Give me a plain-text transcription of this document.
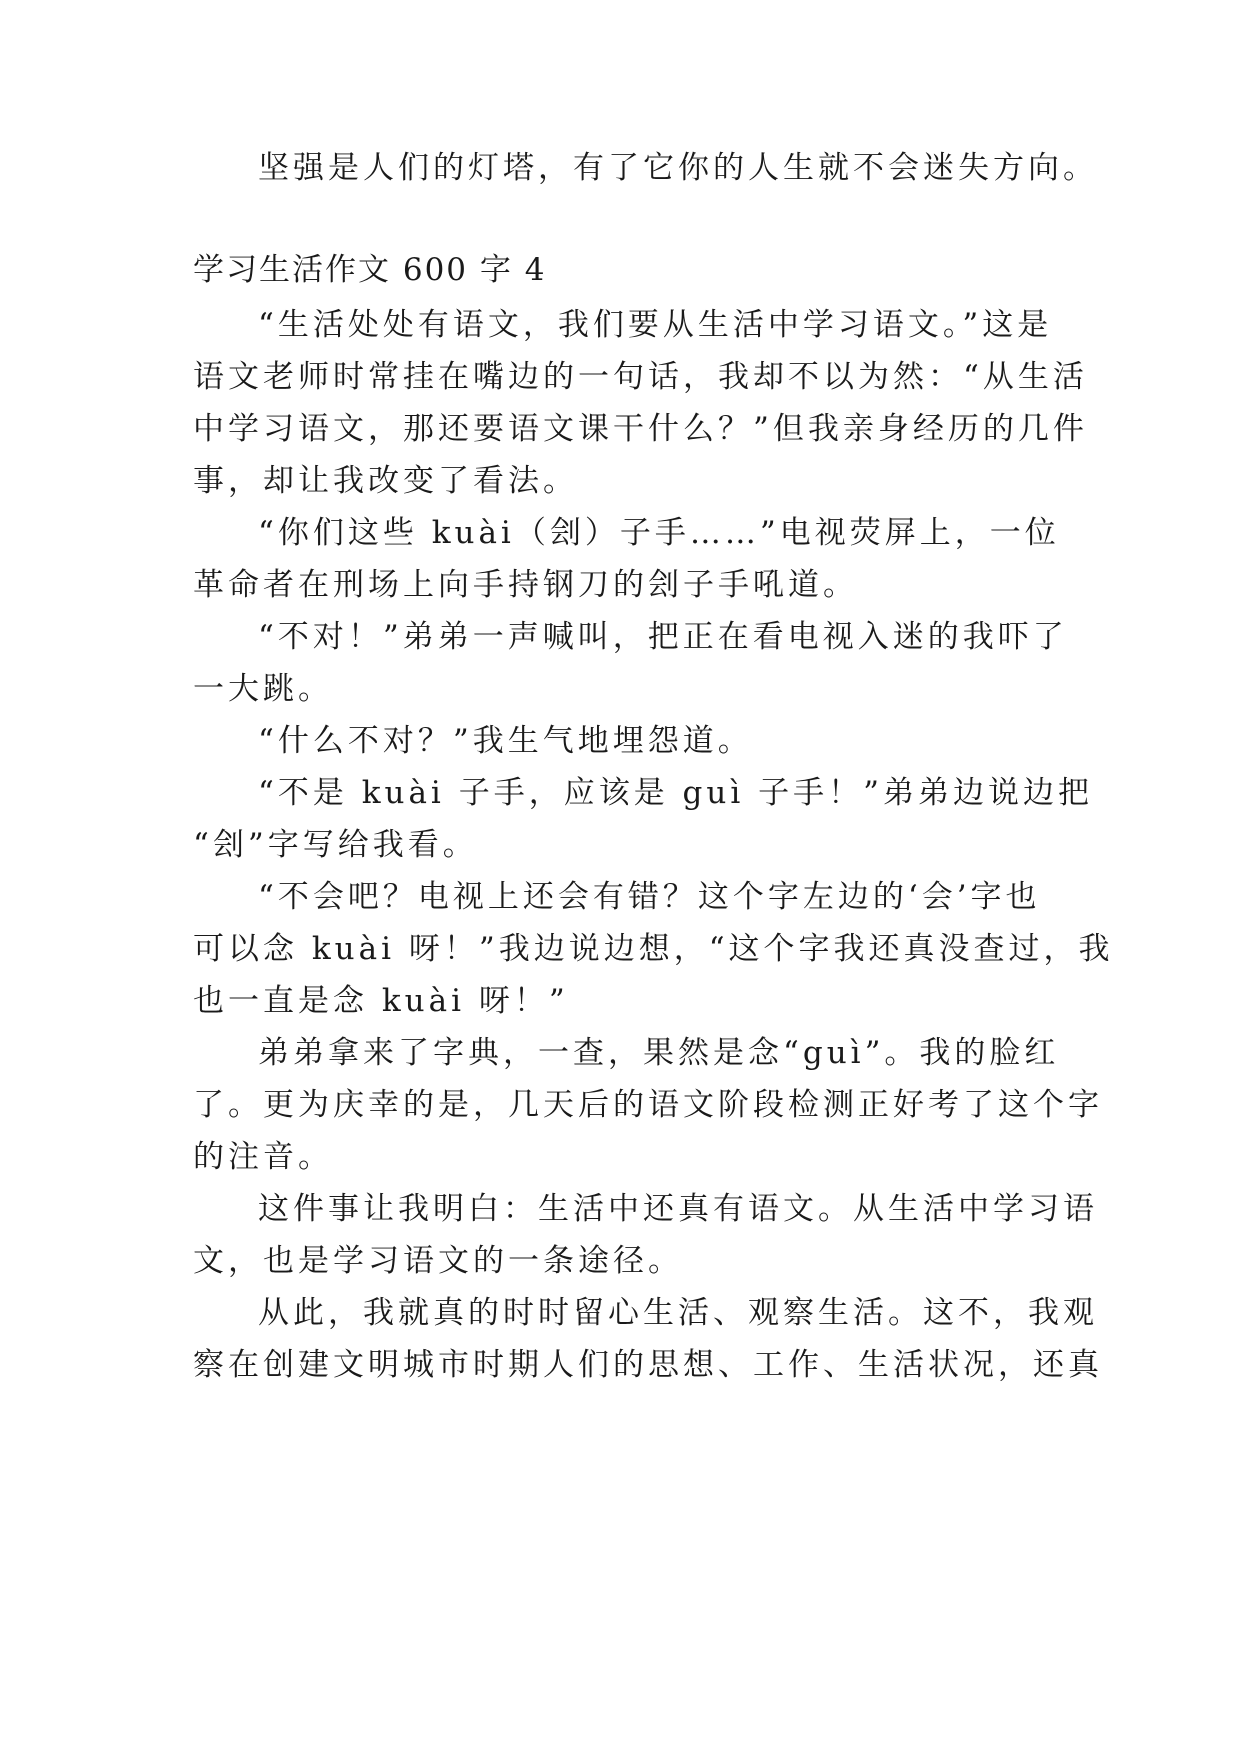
坚强是人们的灯塔，有了它你的人生就不会迷失方向。

学习生活作文 600 字 4

“生活处处有语文，我们要从生活中学习语文。”这是

语文老师时常挂在嘴边的一句话，我却不以为然：“从生活

中学习语文，那还要语文课干什么？”但我亲身经历的几件

事，却让我改变了看法。

“你们这些 kuài（刽）子手……”电视荧屏上，一位

革命者在刑场上向手持钢刀的刽子手吼道。

“不对！”弟弟一声喊叫，把正在看电视入迷的我吓了

一大跳。

“什么不对？”我生气地埋怨道。

“不是 kuài 子手，应该是 guì 子手！”弟弟边说边把

“刽”字写给我看。

“不会吧？电视上还会有错？这个字左边的‘会’字也

可以念 kuài 呀！”我边说边想，“这个字我还真没查过，我

也一直是念 kuài 呀！”

弟弟拿来了字典，一查，果然是念“guì”。我的脸红

了。更为庆幸的是，几天后的语文阶段检测正好考了这个字

的注音。

这件事让我明白：生活中还真有语文。从生活中学习语

文，也是学习语文的一条途径。

从此，我就真的时时留心生活、观察生活。这不，我观

察在创建文明城市时期人们的思想、工作、生活状况，还真
